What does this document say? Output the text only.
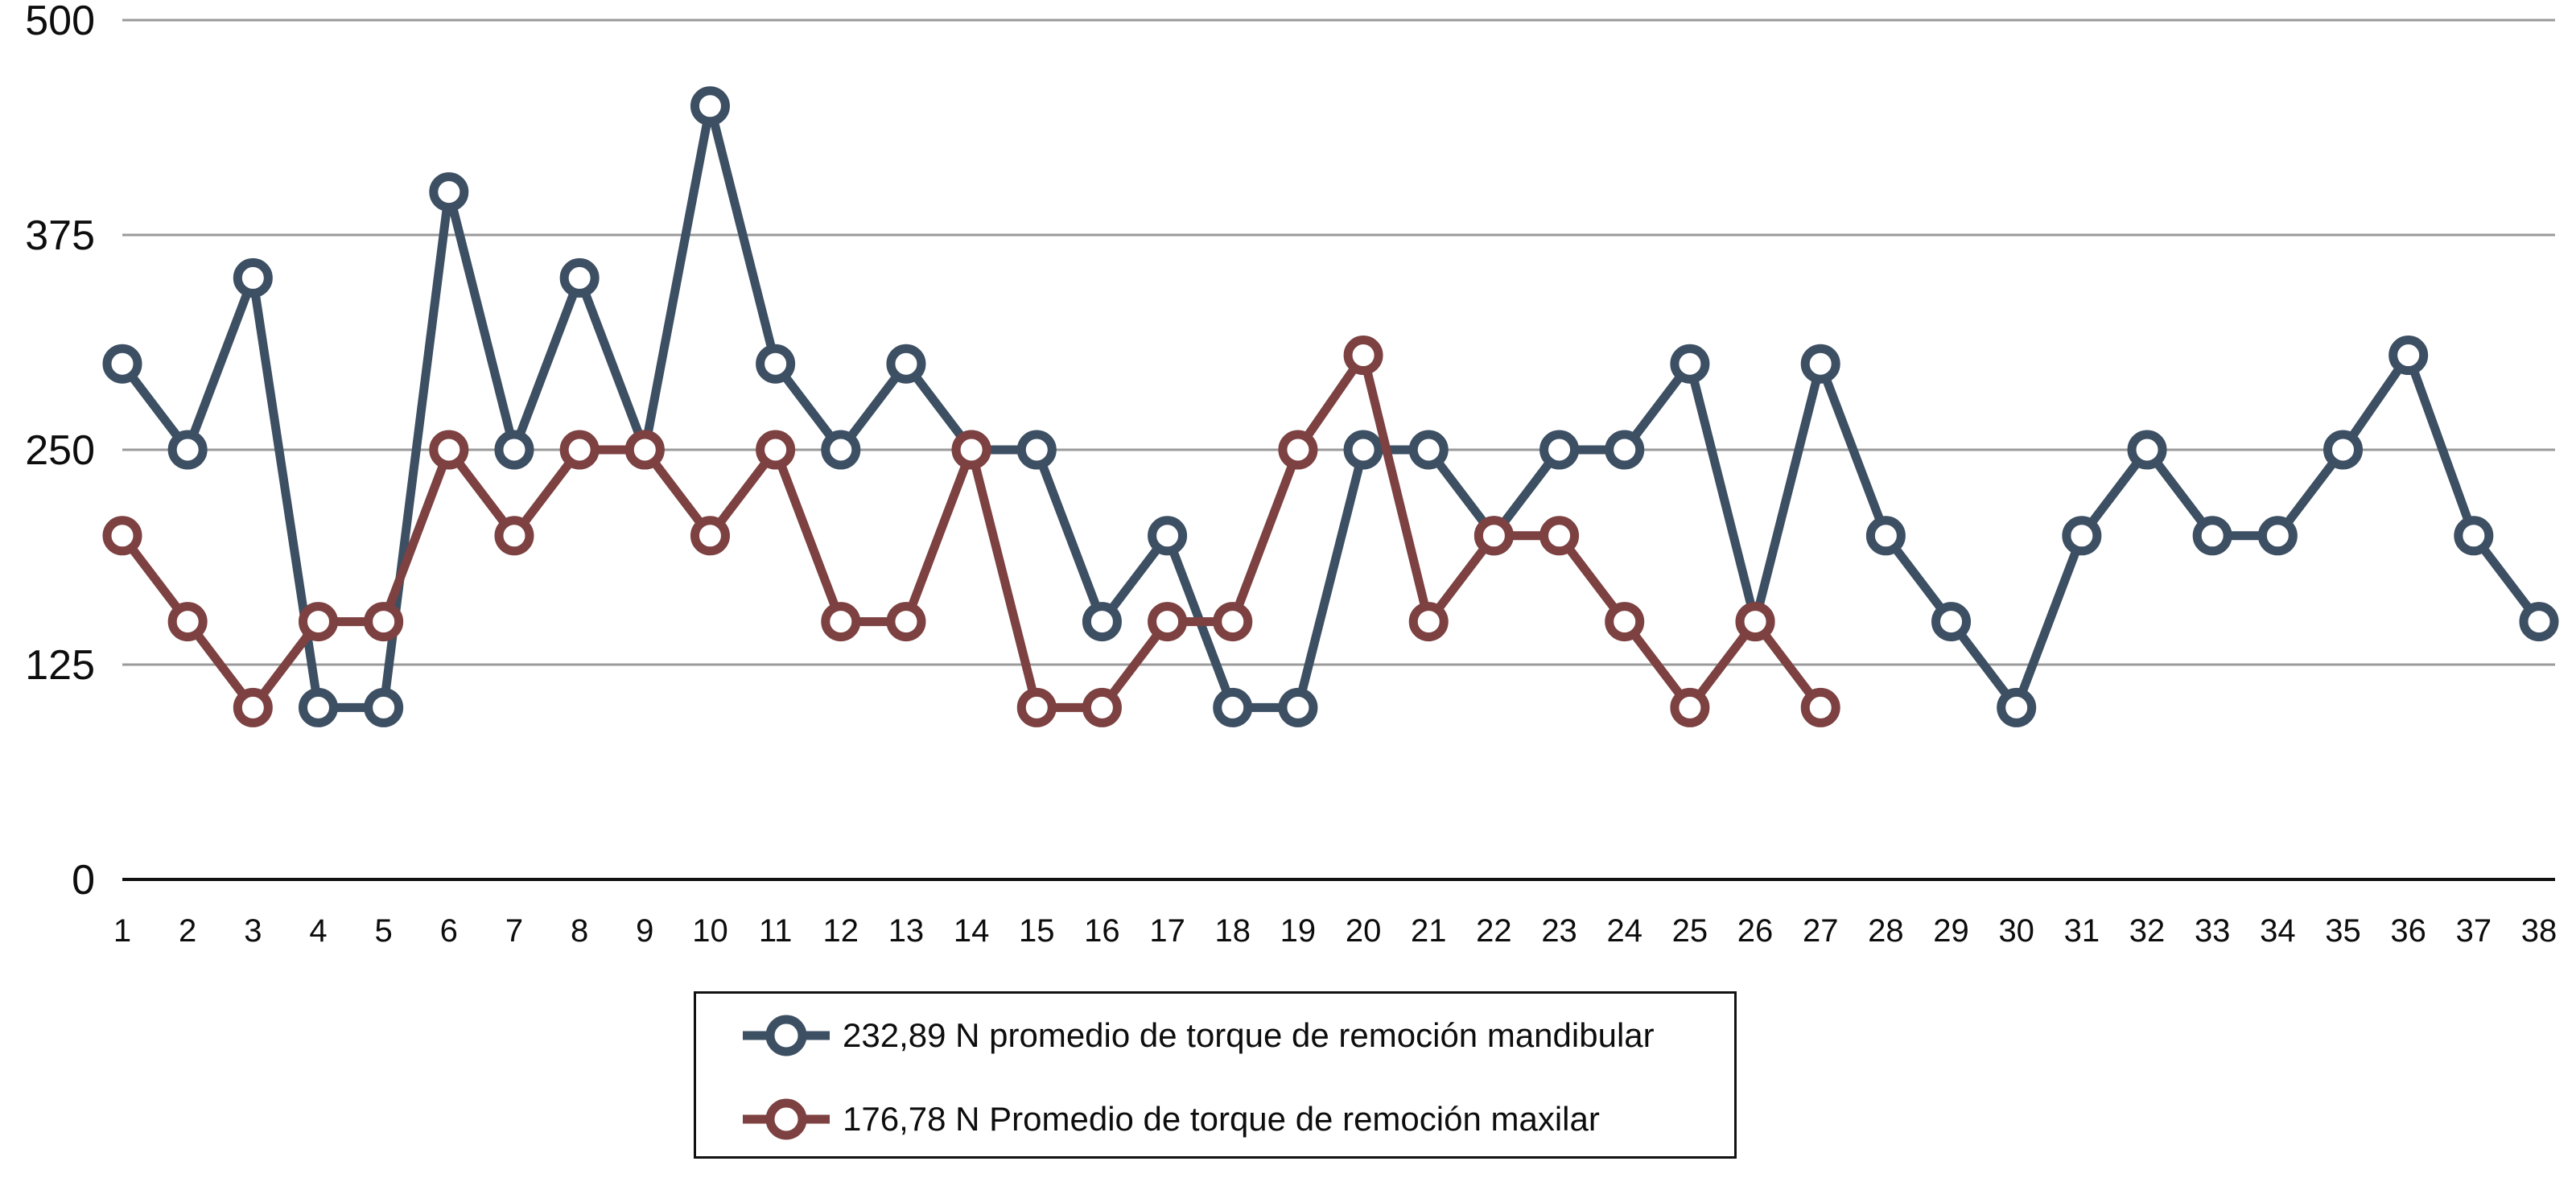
0
125
250
375
500
1 2 3 4 5 6 7 8 9 10 11 12 13 14 15 16 17 18 19 20 21 22 23 24 25 26 27 28 29 30 31 32 33 34 35 36 37 38
232,89 N promedio de torque de remoción mandibular
176,78 N Promedio de torque de remoción maxilar
